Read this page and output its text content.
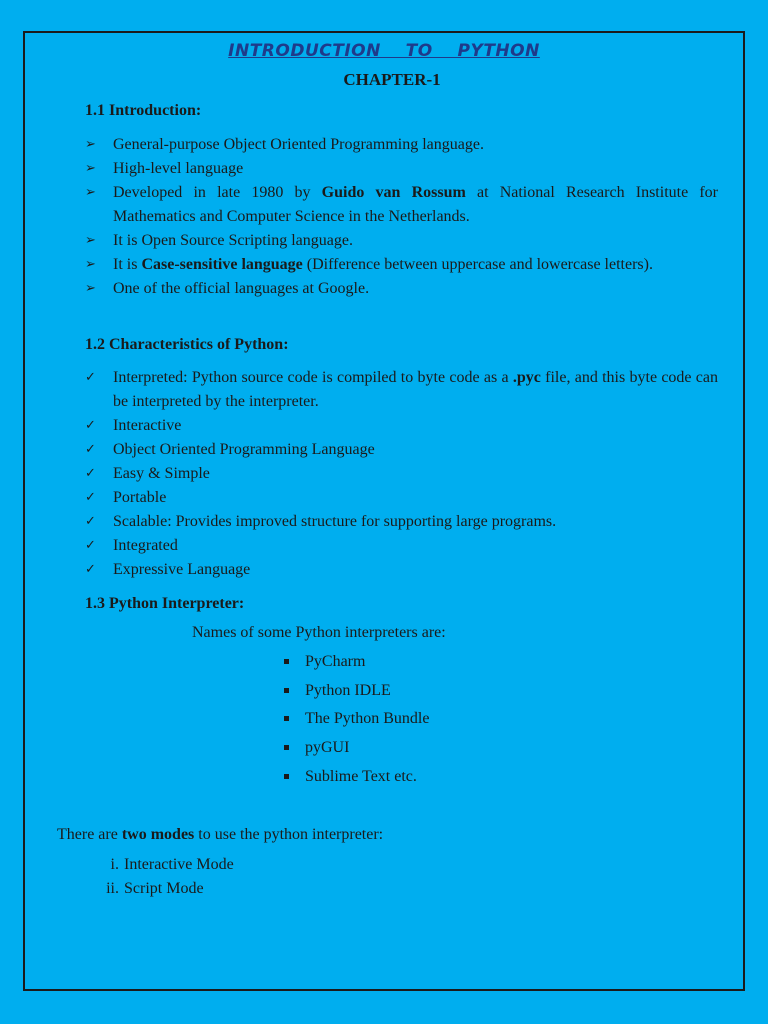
INTRODUCTION  TO  PYTHON
CHAPTER-1
1.1 Introduction:
➢ General-purpose Object Oriented Programming language.
➢ High-level language
➢ Developed in late 1980 by Guido van Rossum at National Research Institute for Mathematics and Computer Science in the Netherlands.
➢ It is Open Source Scripting language.
➢ It is Case-sensitive language (Difference between uppercase and lowercase letters).
➢ One of the official languages at Google.
1.2 Characteristics of Python:
✓ Interpreted: Python source code is compiled to byte code as a .pyc file, and this byte code can be interpreted by the interpreter.
✓ Interactive
✓ Object Oriented Programming Language
✓ Easy & Simple
✓ Portable
✓ Scalable: Provides improved structure for supporting large programs.
✓ Integrated
✓ Expressive Language
1.3 Python Interpreter:
Names of some Python interpreters are:
PyCharm
Python IDLE
The Python Bundle
pyGUI
Sublime Text etc.
There are two modes to use the python interpreter:
i. Interactive Mode
ii. Script Mode
